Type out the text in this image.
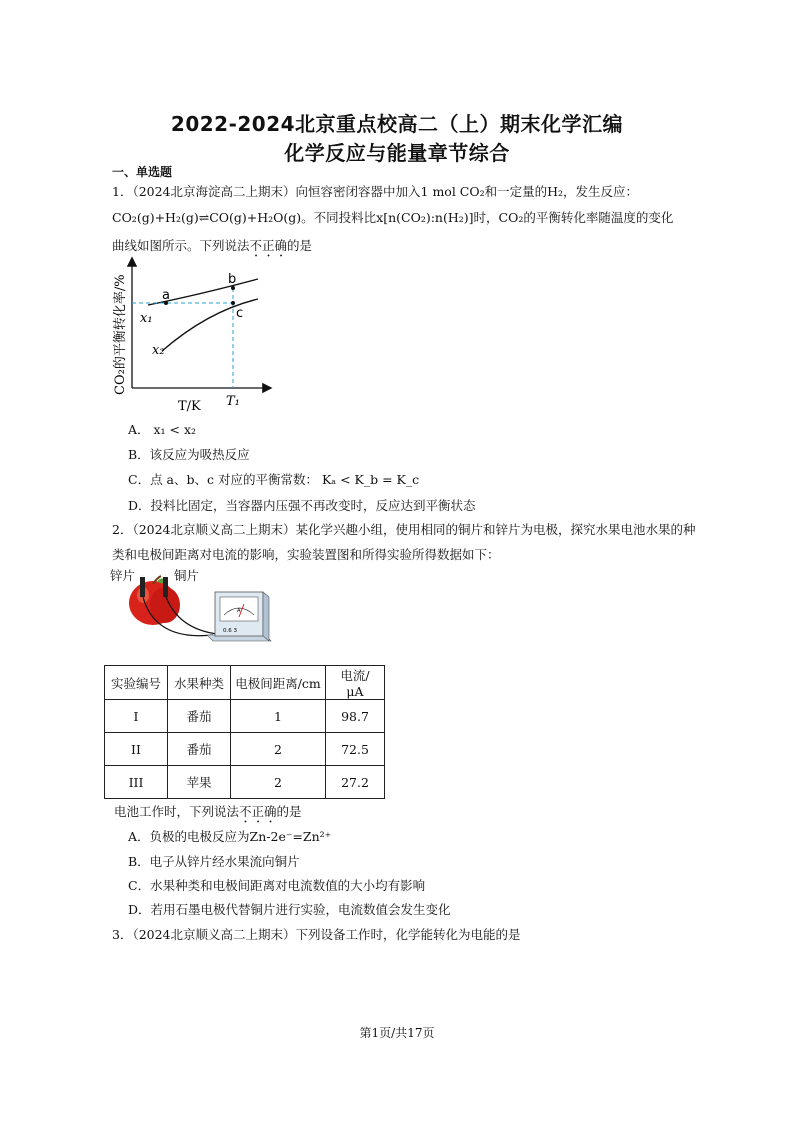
2022-2024北京重点校高二（上）期末化学汇编
化学反应与能量章节综合
一、单选题
1．（2024北京海淀高二上期末）向恒容密闭容器中加入1 mol CO₂和一定量的H₂，发生反应：
CO₂(g)+H₂(g)⇌CO(g)+H₂O(g)。不同投料比x[n(CO₂):n(H₂)]时，CO₂的平衡转化率随温度的变化
曲线如图所示。下列说法不正确的是
a
b
c
x₁
x₂
T/K T₁
CO₂的平衡转化率/%
A． x₁ < x₂
B．该反应为吸热反应
C．点 a、b、c 对应的平衡常数： Kₐ < K_b = K_c
D．投料比固定，当容器内压强不再改变时，反应达到平衡状态
2．（2024北京顺义高二上期末）某化学兴趣小组，使用相同的铜片和锌片为电极，探究水果电池水果的种
类和电极间距离对电流的影响，实验装置图和所得实验所得数据如下：
锌片	铜片
A
0.6 3
实验编号	水果种类	电极间距离/cm	电流/ μA
I	番茄	1	98.7
II	番茄	2	72.5
III	苹果	2	27.2
电池工作时，下列说法不正确的是
A．负极的电极反应为Zn-2e⁻=Zn²⁺
B．电子从锌片经水果流向铜片
C．水果种类和电极间距离对电流数值的大小均有影响
D．若用石墨电极代替铜片进行实验，电流数值会发生变化
3．（2024北京顺义高二上期末）下列设备工作时，化学能转化为电能的是
第1页/共17页
